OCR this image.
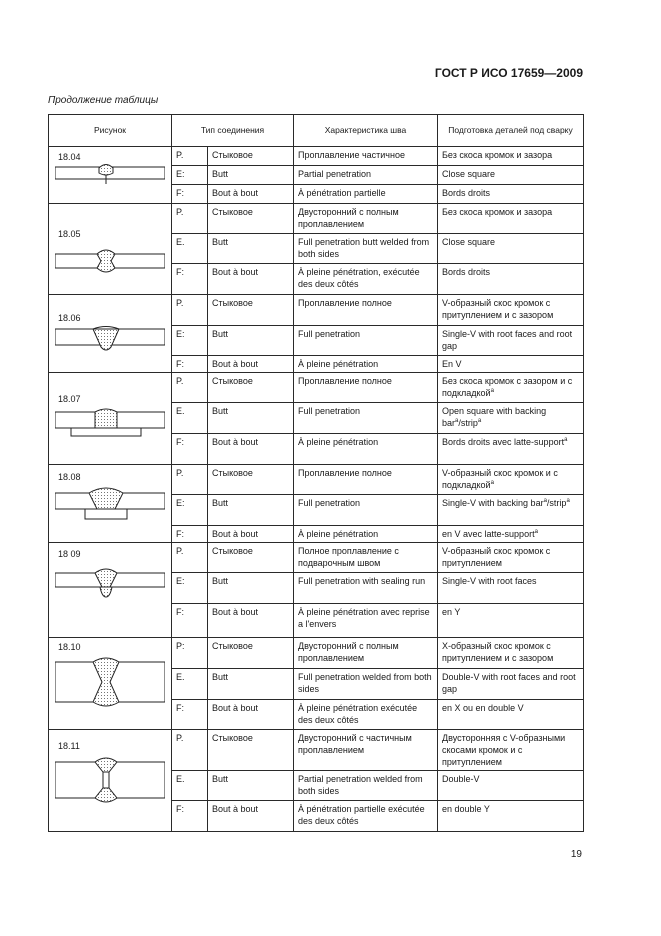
ГОСТ Р ИСО 17659—2009
Продолжение таблицы
Рисунок	Тип соединения		Характеристика шва	Подготовка деталей под сварку

18.04	P.	Стыковое	Проплавление частичное	Без скоса кромок и зазора
	E:	Butt	Partial penetration	Close square
	F:	Bout à bout	À pénétration partielle	Bords droits

18.05	P.	Стыковое	Двусторонний с полным проплавлением	Без скоса кромок и зазора
	E.	Butt	Full penetration butt welded from both sides	Close square
	F:	Bout à bout	À pleine pénétration, exécutée des deux côtés	Bords droits

18.06	P.	Стыковое	Проплавление полное	V-образный скос кромок с притуплением и с зазором
	E:	Butt	Full penetration	Single-V with root faces and root gap
	F:	Bout à bout	À pleine pénétration	En V

18.07	P.	Стыковое	Проплавление полное	Без скоса кромок с зазором и с подкладкой$^a$
	E.	Butt	Full penetration	Open square with backing bar$^a$/strip$^a$
	F:	Bout à bout	À pleine pénétration	Bords droits avec latte-support$^a$

18.08	P.	Стыковое	Проплавление полное	V-образный скос кромок и с подкладкой$^a$
	E:	Butt	Full penetration	Single-V with backing bar$^a$/strip$^a$
	F:	Bout à bout	À pleine pénétration	en V avec latte-support$^a$

18 09	P.	Стыковое	Полное проплавление с подварочным швом	V-образный скос кромок с притуплением
	E:	Butt	Full penetration with sealing run	Single-V with root faces
	F:	Bout à bout	À pleine pénétration avec reprise a l'envers	en Y

18.10	P:	Стыковое	Двусторонний с полным проплавлением	X-образный скос кромок с притуплением и с зазором
	E.	Butt	Full penetration welded from both sides	Double-V with root faces and root gap
	F:	Bout à bout	À pleine pénétration exécutée des deux côtés	en X ou en double V

18.11	P.	Стыковое	Двусторонний с частичным проплавлением	Двусторонняя с V-образными скосами кромок и с притуплением
	E.	Butt	Partial penetration welded from both sides	Double-V
	F:	Bout à bout	À pénétration partielle exécutée des deux côtés	en double Y
19
